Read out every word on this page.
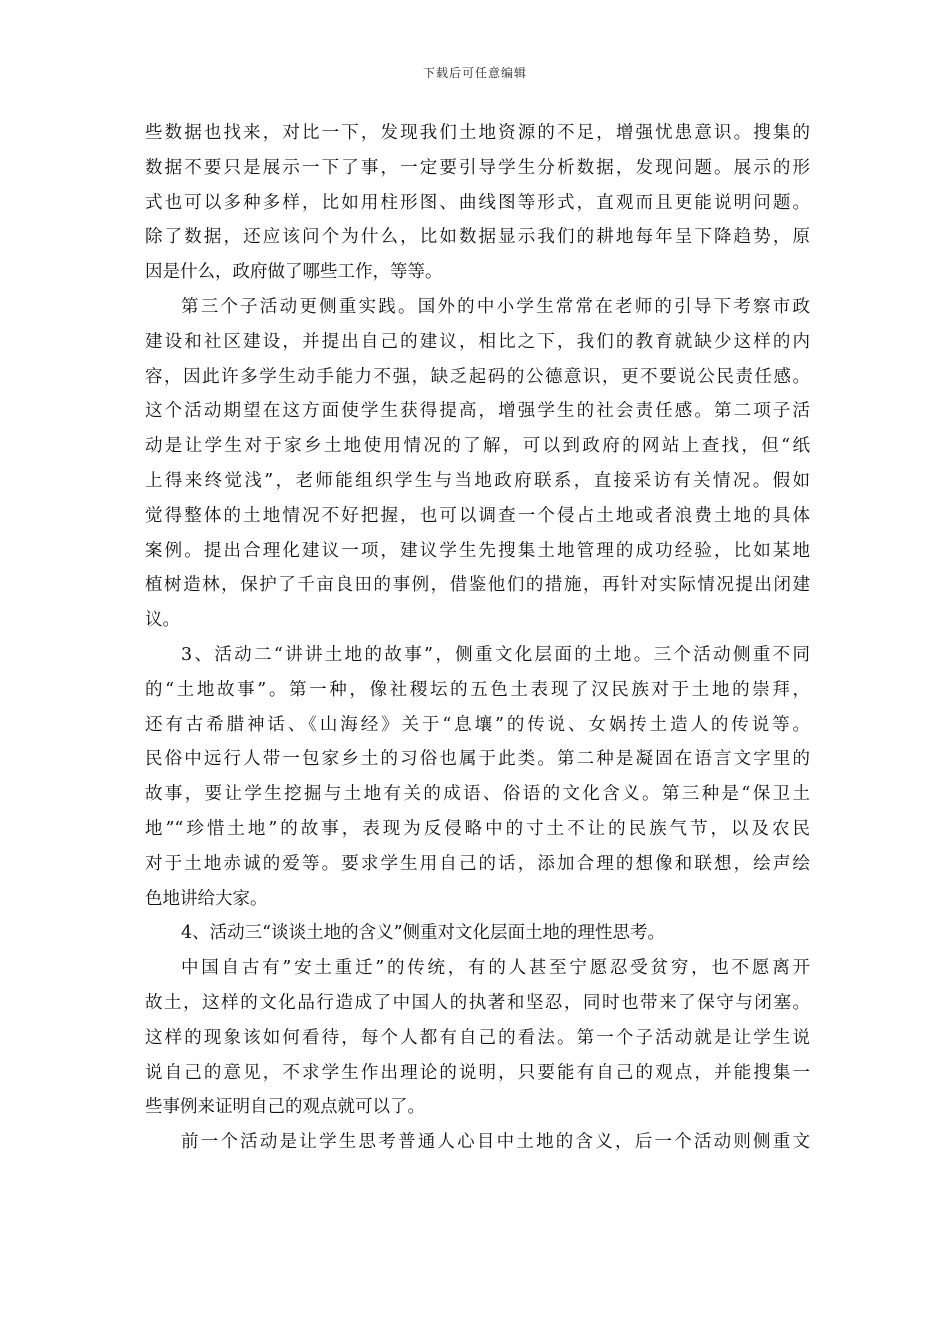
下载后可任意编辑
些数据也找来，对比一下，发现我们土地资源的不足，增强忧患意识。搜集的
数据不要只是展示一下了事，一定要引导学生分析数据，发现问题。展示的形
式也可以多种多样，比如用柱形图、曲线图等形式，直观而且更能说明问题。
除了数据，还应该问个为什么，比如数据显示我们的耕地每年呈下降趋势，原
因是什么，政府做了哪些工作，等等。
第三个子活动更侧重实践。国外的中小学生常常在老师的引导下考察市政
建设和社区建设，并提出自己的建议，相比之下，我们的教育就缺少这样的内
容，因此许多学生动手能力不强，缺乏起码的公德意识，更不要说公民责任感。
这个活动期望在这方面使学生获得提高，增强学生的社会责任感。第二项子活
动是让学生对于家乡土地使用情况的了解，可以到政府的网站上查找，但“纸
上得来终觉浅”，老师能组织学生与当地政府联系，直接采访有关情况。假如
觉得整体的土地情况不好把握，也可以调查一个侵占土地或者浪费土地的具体
案例。提出合理化建议一项，建议学生先搜集土地管理的成功经验，比如某地
植树造林，保护了千亩良田的事例，借鉴他们的措施，再针对实际情况提出闭建
议。
3、活动二“讲讲土地的故事”，侧重文化层面的土地。三个活动侧重不同
的“土地故事”。第一种，像社稷坛的五色土表现了汉民族对于土地的崇拜，
还有古希腊神话、《山海经》关于“息壤”的传说、女娲抟土造人的传说等。
民俗中远行人带一包家乡土的习俗也属于此类。第二种是凝固在语言文字里的
故事，要让学生挖掘与土地有关的成语、俗语的文化含义。第三种是“保卫土
地”“珍惜土地”的故事，表现为反侵略中的寸土不让的民族气节，以及农民
对于土地赤诚的爱等。要求学生用自己的话，添加合理的想像和联想，绘声绘
色地讲给大家。
4、活动三“谈谈土地的含义”侧重对文化层面土地的理性思考。
中国自古有”安土重迁”的传统，有的人甚至宁愿忍受贫穷，也不愿离开
故土，这样的文化品行造成了中国人的执著和坚忍，同时也带来了保守与闭塞。
这样的现象该如何看待，每个人都有自己的看法。第一个子活动就是让学生说
说自己的意见，不求学生作出理论的说明，只要能有自己的观点，并能搜集一
些事例来证明自己的观点就可以了。
前一个活动是让学生思考普通人心目中土地的含义，后一个活动则侧重文
